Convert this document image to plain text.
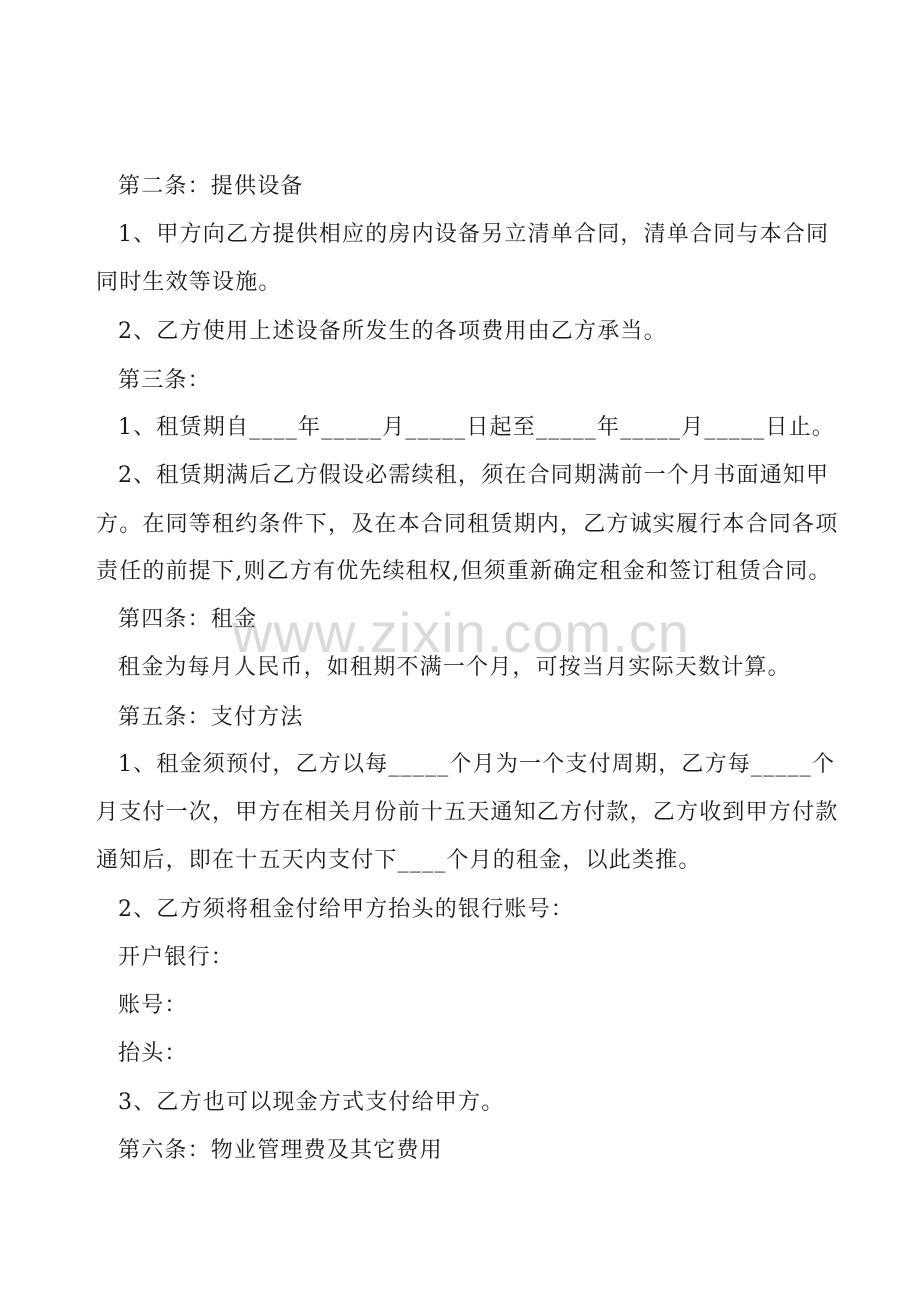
第二条：提供设备
1、甲方向乙方提供相应的房内设备另立清单合同，清单合同与本合同
同时生效等设施。
2、乙方使用上述设备所发生的各项费用由乙方承当。
第三条：
1、租赁期自____年_____月_____日起至_____年_____月_____日止。
2、租赁期满后乙方假设必需续租，须在合同期满前一个月书面通知甲
方。在同等租约条件下，及在本合同租赁期内，乙方诚实履行本合同各项
责任的前提下,则乙方有优先续租权,但须重新确定租金和签订租赁合同。
第四条：租金
租金为每月人民币，如租期不满一个月，可按当月实际天数计算。
第五条：支付方法
1、租金须预付，乙方以每_____个月为一个支付周期，乙方每_____个
月支付一次，甲方在相关月份前十五天通知乙方付款，乙方收到甲方付款
通知后，即在十五天内支付下____个月的租金，以此类推。
2、乙方须将租金付给甲方抬头的银行账号：
开户银行：
账号：
抬头：
3、乙方也可以现金方式支付给甲方。
第六条：物业管理费及其它费用
www.zixin.com.cn
